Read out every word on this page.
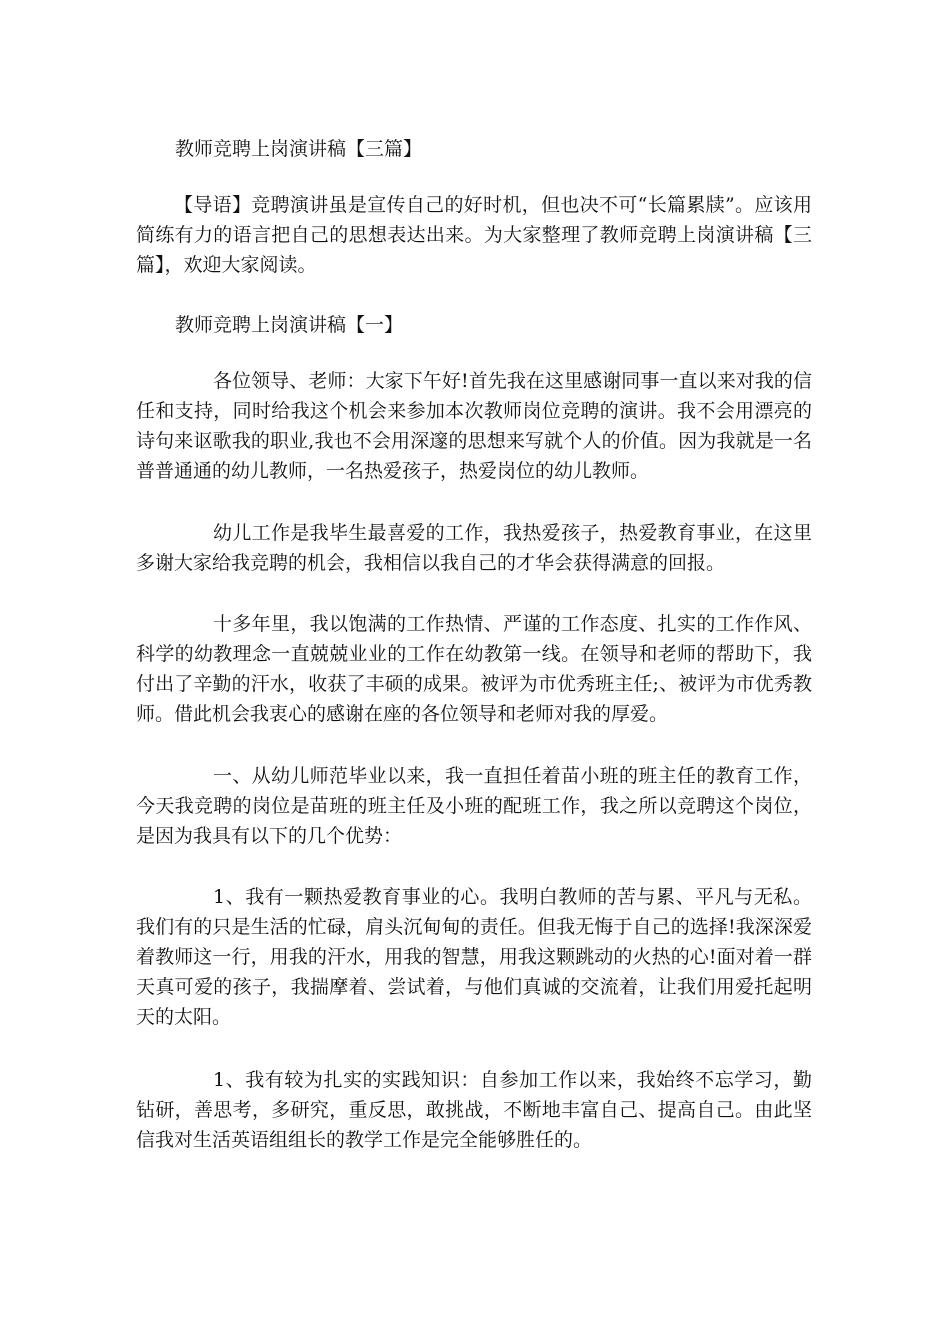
教师竞聘上岗演讲稿【三篇】

【导语】竞聘演讲虽是宣传自己的好时机，但也决不可“长篇累牍”。应该用简练有力的语言把自己的思想表达出来。为大家整理了教师竞聘上岗演讲稿【三篇】，欢迎大家阅读。

教师竞聘上岗演讲稿【一】

各位领导、老师：大家下午好!首先我在这里感谢同事一直以来对我的信任和支持，同时给我这个机会来参加本次教师岗位竞聘的演讲。我不会用漂亮的诗句来讴歌我的职业,我也不会用深邃的思想来写就个人的价值。因为我就是一名普普通通的幼儿教师，一名热爱孩子，热爱岗位的幼儿教师。

幼儿工作是我毕生最喜爱的工作，我热爱孩子，热爱教育事业，在这里多谢大家给我竞聘的机会，我相信以我自己的才华会获得满意的回报。

十多年里，我以饱满的工作热情、严谨的工作态度、扎实的工作作风、科学的幼教理念一直兢兢业业的工作在幼教第一线。在领导和老师的帮助下，我付出了辛勤的汗水，收获了丰硕的成果。被评为市优秀班主任;、被评为市优秀教师。借此机会我衷心的感谢在座的各位领导和老师对我的厚爱。

一、从幼儿师范毕业以来，我一直担任着苗小班的班主任的教育工作，今天我竞聘的岗位是苗班的班主任及小班的配班工作，我之所以竞聘这个岗位，是因为我具有以下的几个优势：

1、我有一颗热爱教育事业的心。我明白教师的苦与累、平凡与无私。我们有的只是生活的忙碌，肩头沉甸甸的责任。但我无悔于自己的选择!我深深爱着教师这一行，用我的汗水，用我的智慧，用我这颗跳动的火热的心!面对着一群天真可爱的孩子，我揣摩着、尝试着，与他们真诚的交流着，让我们用爱托起明天的太阳。

1、我有较为扎实的实践知识：自参加工作以来，我始终不忘学习，勤钻研，善思考，多研究，重反思，敢挑战，不断地丰富自己、提高自己。由此坚信我对生活英语组组长的教学工作是完全能够胜任的。
